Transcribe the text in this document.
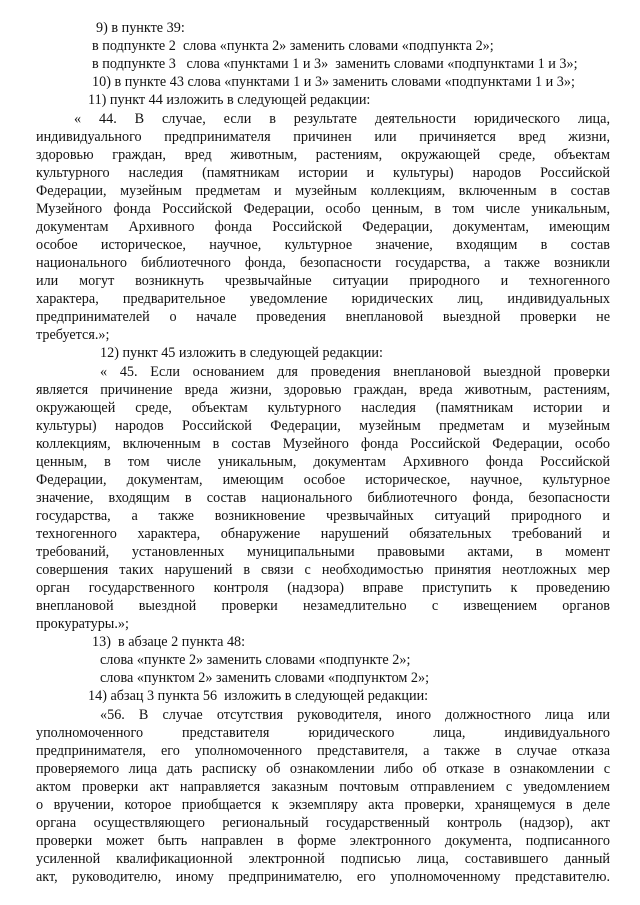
9) в пункте 39:
в подпункте 2  слова «пункта 2» заменить словами «подпункта 2»;
в подпункте 3   слова «пунктами 1 и 3»  заменить словами «подпунктами 1 и 3»;
10) в пункте 43 слова «пунктами 1 и 3» заменить словами «подпунктами 1 и 3»;
11) пункт 44 изложить в следующей редакции:
« 44. В случае, если в результате деятельности юридического лица,
индивидуального предпринимателя причинен или причиняется вред жизни,
здоровью граждан, вред животным, растениям, окружающей среде, объектам
культурного наследия (памятникам истории и культуры) народов Российской
Федерации, музейным предметам и музейным коллекциям, включенным в состав
Музейного фонда Российской Федерации, особо ценным, в том числе уникальным,
документам Архивного фонда Российской Федерации, документам, имеющим
особое историческое, научное, культурное значение, входящим в состав
национального библиотечного фонда, безопасности государства, а также возникли
или могут возникнуть чрезвычайные ситуации природного и техногенного
характера, предварительное уведомление юридических лиц, индивидуальных
предпринимателей о начале проведения внеплановой выездной проверки не
требуется.»;
12) пункт 45 изложить в следующей редакции:
« 45. Если основанием для проведения внеплановой выездной проверки
является причинение вреда жизни, здоровью граждан, вреда животным, растениям,
окружающей среде, объектам культурного наследия (памятникам истории и
культуры) народов Российской Федерации, музейным предметам и музейным
коллекциям, включенным в состав Музейного фонда Российской Федерации, особо
ценным, в том числе уникальным, документам Архивного фонда Российской
Федерации, документам, имеющим особое историческое, научное, культурное
значение, входящим в состав национального библиотечного фонда, безопасности
государства, а также возникновение чрезвычайных ситуаций природного и
техногенного характера, обнаружение нарушений обязательных требований и
требований, установленных муниципальными правовыми актами, в момент
совершения таких нарушений в связи с необходимостью принятия неотложных мер
орган государственного контроля (надзора) вправе приступить к проведению
внеплановой выездной проверки незамедлительно с извещением органов
прокуратуры.»;
13)  в абзаце 2 пункта 48:
слова «пункте 2» заменить словами «подпункте 2»;
слова «пунктом 2» заменить словами «подпунктом 2»;
14) абзац 3 пункта 56  изложить в следующей редакции:
«56. В случае отсутствия руководителя, иного должностного лица или
уполномоченного представителя юридического лица, индивидуального
предпринимателя, его уполномоченного представителя, а также в случае отказа
проверяемого лица дать расписку об ознакомлении либо об отказе в ознакомлении с
актом проверки акт направляется заказным почтовым отправлением с уведомлением
о вручении, которое приобщается к экземпляру акта проверки, хранящемуся в деле
органа осуществляющего региональный государственный контроль (надзор), акт
проверки может быть направлен в форме электронного документа, подписанного
усиленной квалификационной электронной подписью лица, составившего данный
акт, руководителю, иному предпринимателю, его уполномоченному представителю.
